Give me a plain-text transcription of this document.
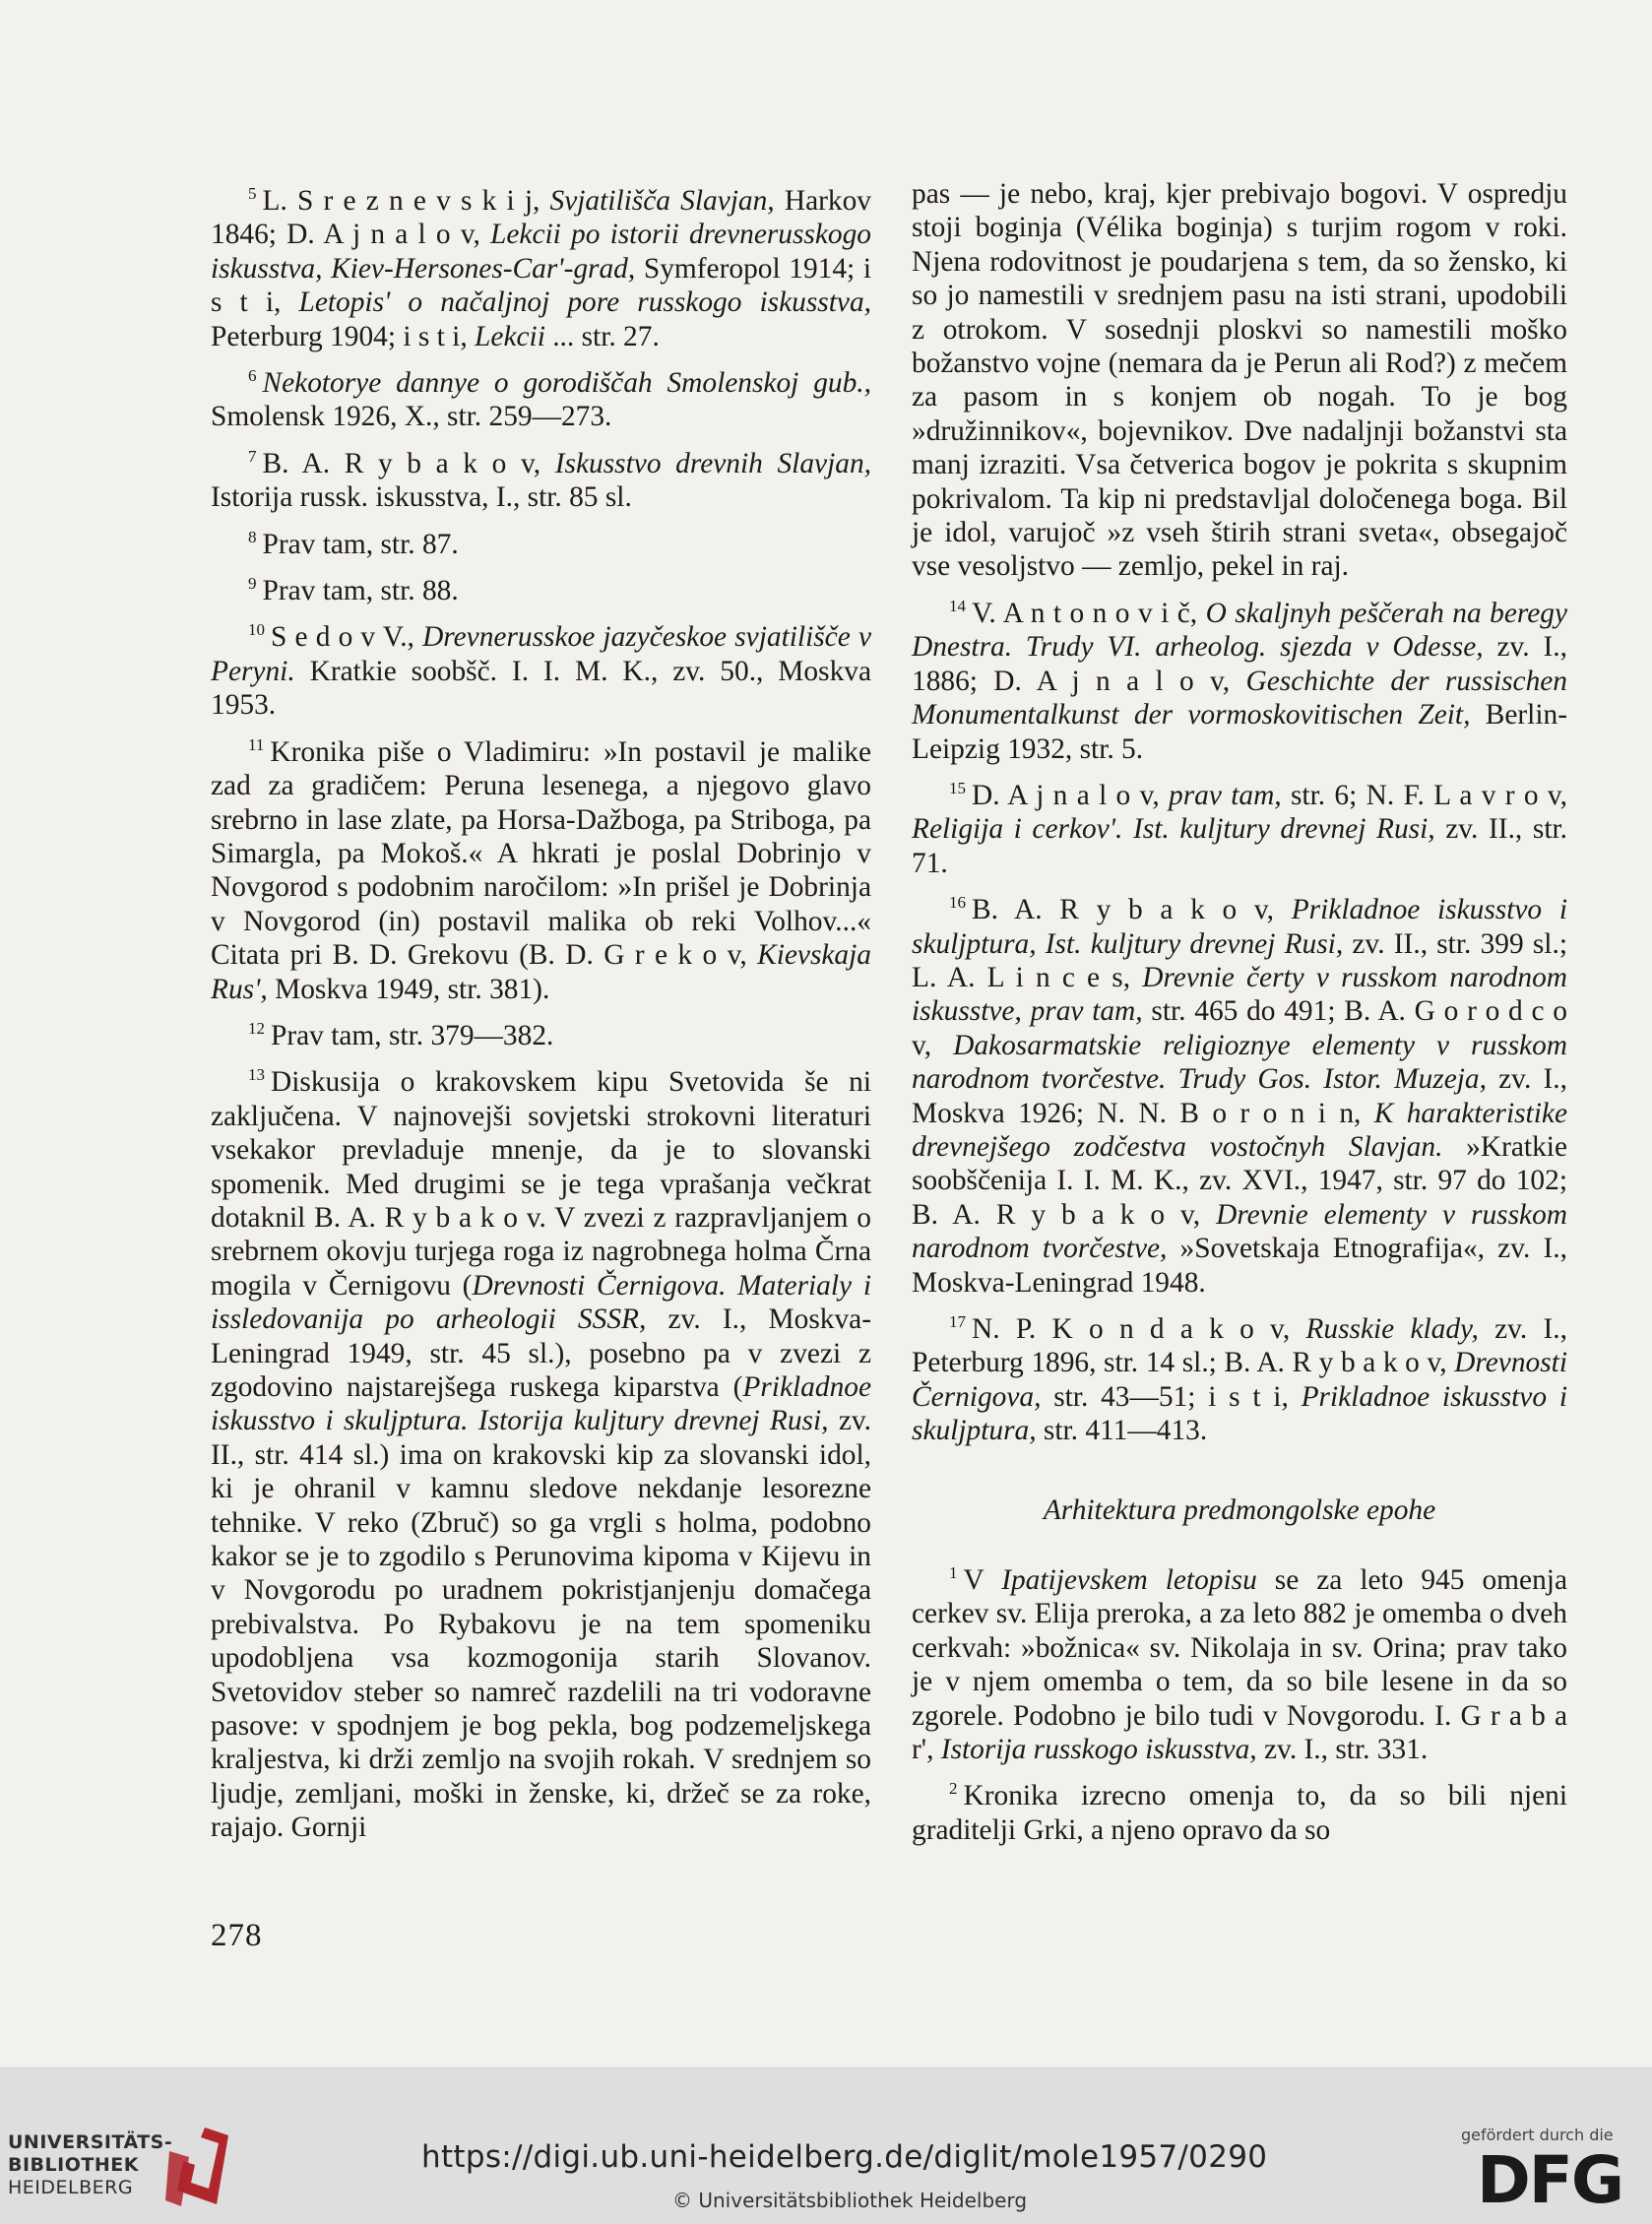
$^5$ L. S r e z n e v s k i j, Svjatilišča Slavjan, Harkov 1846; D. A j n a l o v, Lekcii po istorii drevnerusskogo iskusstva, Kiev-Hersones-Car'-grad, Symferopol 1914; i s t i, Letopis' o načaljnoj pore russkogo iskusstva, Peterburg 1904; i s t i, Lekcii ... str. 27.

$^6$ Nekotorye dannye o gorodiščah Smolenskoj gub., Smolensk 1926, X., str. 259—273.

$^7$ B. A. R y b a k o v, Iskusstvo drevnih Slavjan, Istorija russk. iskusstva, I., str. 85 sl.

$^8$ Prav tam, str. 87.

$^9$ Prav tam, str. 88.

$^{10}$ S e d o v V., Drevnerusskoe jazyčeskoe svjatilišče v Peryni. Kratkie soobšč. I. I. M. K., zv. 50., Moskva 1953.

$^{11}$ Kronika piše o Vladimiru: »In postavil je malike zad za gradičem: Peruna lesenega, a njegovo glavo srebrno in lase zlate, pa Horsa-Dažboga, pa Striboga, pa Simargla, pa Mokoš.« A hkrati je poslal Dobrinjo v Novgorod s podobnim naročilom: »In prišel je Dobrinja v Novgorod (in) postavil malika ob reki Volhov...« Citata pri B. D. Grekovu (B. D. G r e k o v, Kievskaja Rus', Moskva 1949, str. 381).

$^{12}$ Prav tam, str. 379—382.

$^{13}$ Diskusija o krakovskem kipu Svetovida še ni zaključena. V najnovejši sovjetski strokovni literaturi vsekakor prevladuje mnenje, da je to slovanski spomenik. Med drugimi se je tega vprašanja večkrat dotaknil B. A. R y b a k o v. V zvezi z razpravljanjem o srebrnem okovju turjega roga iz nagrobnega holma Črna mogila v Černigovu (Drevnosti Černigova. Materialy i issledovanija po arheologii SSSR, zv. I., Moskva-Leningrad 1949, str. 45 sl.), posebno pa v zvezi z zgodovino najstarejšega ruskega kiparstva (Prikladnoe iskusstvo i skuljptura. Istorija kuljtury drevnej Rusi, zv. II., str. 414 sl.) ima on krakovski kip za slovanski idol, ki je ohranil v kamnu sledove nekdanje lesorezne tehnike. V reko (Zbruč) so ga vrgli s holma, podobno kakor se je to zgodilo s Perunovima kipoma v Kijevu in v Novgorodu po uradnem pokristjanjenju domačega prebivalstva. Po Rybakovu je na tem spomeniku upodobljena vsa kozmogonija starih Slovanov. Svetovidov steber so namreč razdelili na tri vodoravne pasove: v spodnjem je bog pekla, bog podzemeljskega kraljestva, ki drži zemljo na svojih rokah. V srednjem so ljudje, zemljani, moški in ženske, ki, držeč se za roke, rajajo. Gornji

pas — je nebo, kraj, kjer prebivajo bogovi. V ospredju stoji boginja (Vélika boginja) s turjim rogom v roki. Njena rodovitnost je poudarjena s tem, da so žensko, ki so jo namestili v srednjem pasu na isti strani, upodobili z otrokom. V sosednji ploskvi so namestili moško božanstvo vojne (nemara da je Perun ali Rod?) z mečem za pasom in s konjem ob nogah. To je bog »družinnikov«, bojevnikov. Dve nadaljnji božanstvi sta manj izraziti. Vsa četverica bogov je pokrita s skupnim pokrivalom. Ta kip ni predstavljal določenega boga. Bil je idol, varujoč »z vseh štirih strani sveta«, obsegajoč vse vesoljstvo — zemljo, pekel in raj.

$^{14}$ V. A n t o n o v i č, O skaljnyh peščerah na beregy Dnestra. Trudy VI. arheolog. sjezda v Odesse, zv. I., 1886; D. A j n a l o v, Geschichte der russischen Monumentalkunst der vormoskovitischen Zeit, Berlin-Leipzig 1932, str. 5.

$^{15}$ D. A j n a l o v, prav tam, str. 6; N. F. L a v r o v, Religija i cerkov'. Ist. kuljtury drevnej Rusi, zv. II., str. 71.

$^{16}$ B. A. R y b a k o v, Prikladnoe iskusstvo i skuljptura, Ist. kuljtury drevnej Rusi, zv. II., str. 399 sl.; L. A. L i n c e s, Drevnie čerty v russkom narodnom iskusstve, prav tam, str. 465 do 491; B. A. G o r o d c o v, Dakosarmatskie religioznye elementy v russkom narodnom tvorčestve. Trudy Gos. Istor. Muzeja, zv. I., Moskva 1926; N. N. B o r o n i n, K harakteristike drevnejšego zodčestva vostočnyh Slavjan. »Kratkie soobščenija I. I. M. K., zv. XVI., 1947, str. 97 do 102; B. A. R y b a k o v, Drevnie elementy v russkom narodnom tvorčestve, »Sovetskaja Etnografija«, zv. I., Moskva-Leningrad 1948.

$^{17}$ N. P. K o n d a k o v, Russkie klady, zv. I., Peterburg 1896, str. 14 sl.; B. A. R y b a k o v, Drevnosti Černigova, str. 43—51; i s t i, Prikladnoe iskusstvo i skuljptura, str. 411—413.

Arhitektura predmongolske epohe

$^1$ V Ipatijevskem letopisu se za leto 945 omenja cerkev sv. Elija preroka, a za leto 882 je omemba o dveh cerkvah: »božnica« sv. Nikolaja in sv. Orina; prav tako je v njem omemba o tem, da so bile lesene in da so zgorele. Podobno je bilo tudi v Novgorodu. I. G r a b a r', Istorija russkogo iskusstva, zv. I., str. 331.

$^2$ Kronika izrecno omenja to, da so bili njeni graditelji Grki, a njeno opravo da so

278
UNIVERSITÄTS-
BIBLIOTHEK
HEIDELBERG
https://digi.ub.uni-heidelberg.de/diglit/mole1957/0290
© Universitätsbibliothek Heidelberg
gefördert durch die
DFG
